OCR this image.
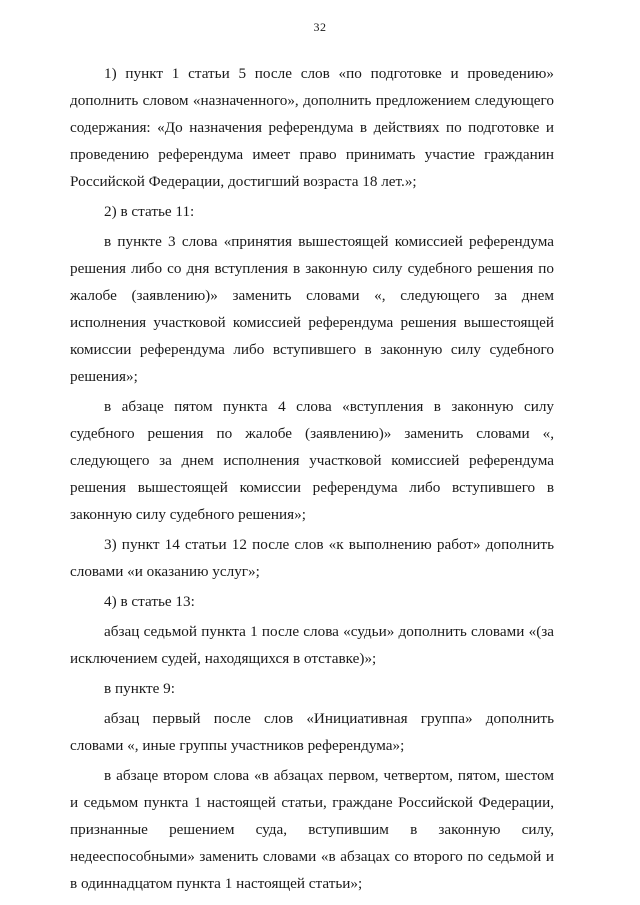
32

1) пункт 1 статьи 5 после слов «по подготовке и проведению» дополнить словом «назначенного», дополнить предложением следующего содержания: «До назначения референдума в действиях по подготовке и проведению референдума имеет право принимать участие гражданин Российской Федерации, достигший возраста 18 лет.»;

2) в статье 11:

в пункте 3 слова «принятия вышестоящей комиссией референдума решения либо со дня вступления в законную силу судебного решения по жалобе (заявлению)» заменить словами «, следующего за днем исполнения участковой комиссией референдума решения вышестоящей комиссии референдума либо вступившего в законную силу судебного решения»;

в абзаце пятом пункта 4 слова «вступления в законную силу судебного решения по жалобе (заявлению)» заменить словами «, следующего за днем исполнения участковой комиссией референдума решения вышестоящей комиссии референдума либо вступившего в законную силу судебного решения»;

3) пункт 14 статьи 12 после слов «к выполнению работ» дополнить словами «и оказанию услуг»;

4) в статье 13:

абзац седьмой пункта 1 после слова «судьи» дополнить словами «(за исключением судей, находящихся в отставке)»;

в пункте 9:

абзац первый после слов «Инициативная группа» дополнить словами «, иные группы участников референдума»;

в абзаце втором слова «в абзацах первом, четвертом, пятом, шестом и седьмом пункта 1 настоящей статьи, граждане Российской Федерации, признанные решением суда, вступившим в законную силу, недееспособными» заменить словами «в абзацах со второго по седьмой и в одиннадцатом пункта 1 настоящей статьи»;
